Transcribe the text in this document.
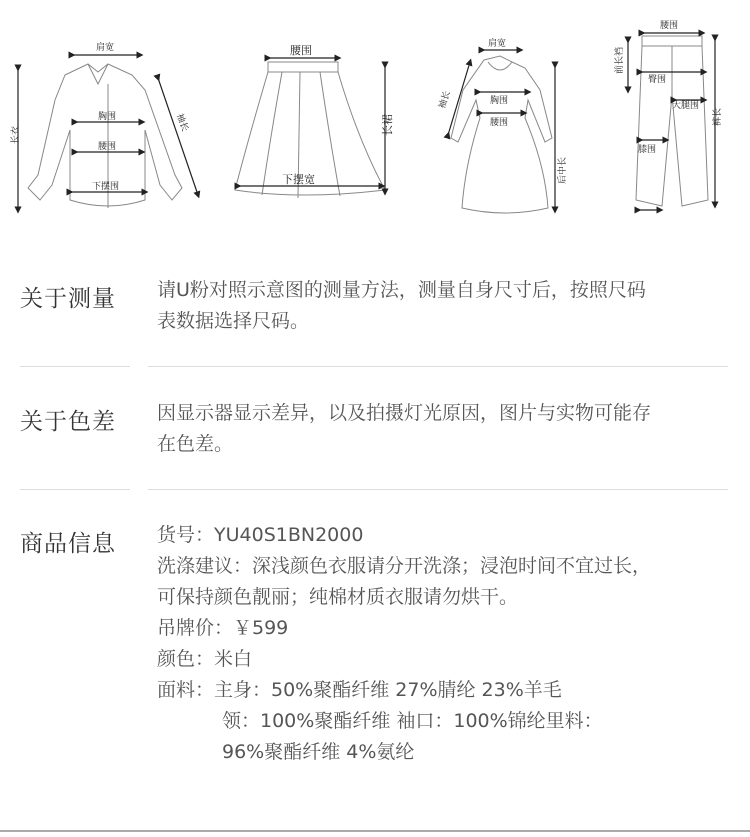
肩宽
胸围
腰围
下摆围
长衣
袖长
腰围
下摆宽
长裙
肩宽
胸围
腰围
袖长
后中长
腰围
前长裆
臀围
大腿围
膝围
裤长
关于测量 请U粉对照示意图的测量方法，测量自身尺寸后，按照尺码
表数据选择尺码。
关于色差 因显示器显示差异，以及拍摄灯光原因，图片与实物可能存
在色差。
商品信息 货号：YU40S1BN2000
洗涤建议：深浅颜色衣服请分开洗涤；浸泡时间不宜过长，
可保持颜色靓丽；纯棉材质衣服请勿烘干。
吊牌价：￥599
颜色：米白
面料：主身：50%聚酯纤维 27%腈纶 23%羊毛
领：100%聚酯纤维 袖口：100%锦纶里料：
96%聚酯纤维 4%氨纶
